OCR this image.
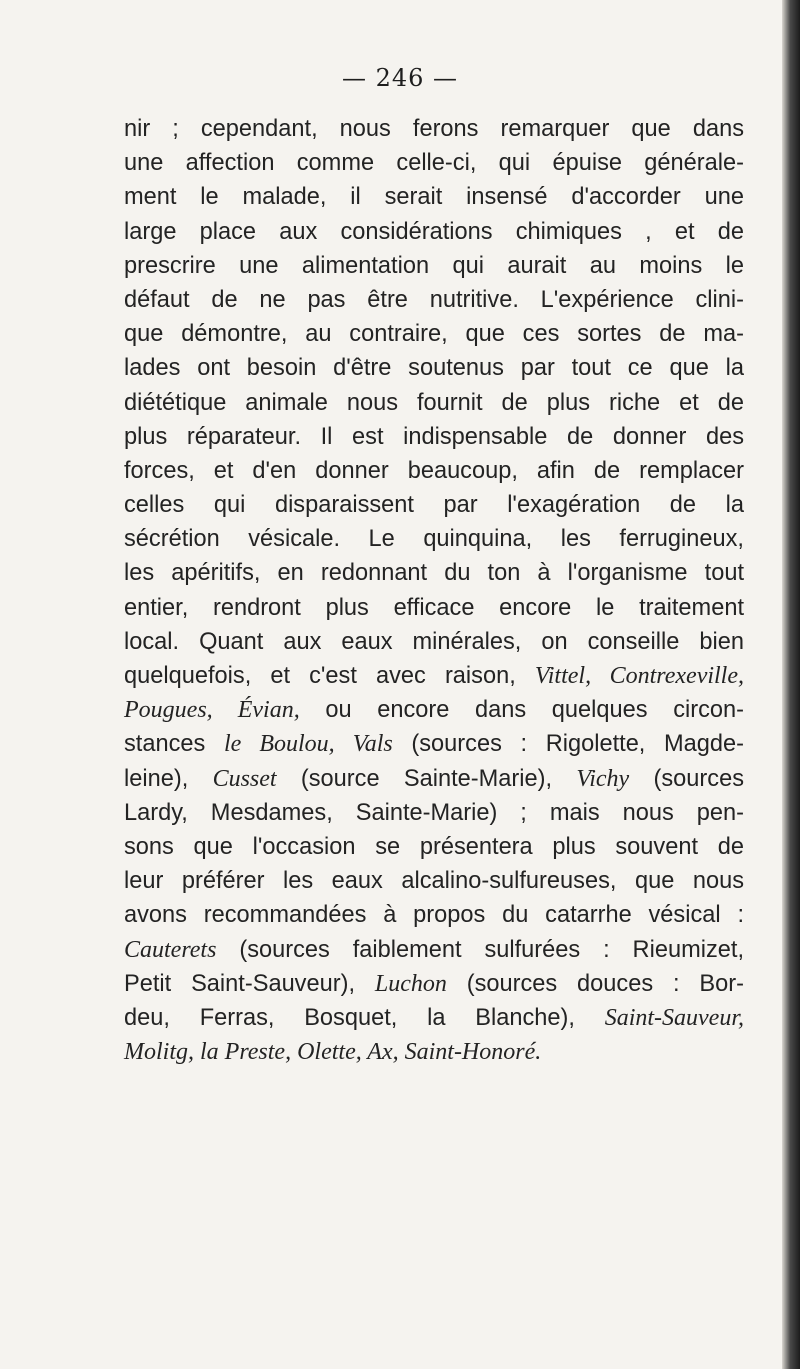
— 246 —
nir ; cependant, nous ferons remarquer que dans
une affection comme celle-ci, qui épuise générale-
ment le malade, il serait insensé d'accorder une
large place aux considérations chimiques , et de
prescrire une alimentation qui aurait au moins le
défaut de ne pas être nutritive. L'expérience clini-
que démontre, au contraire, que ces sortes de ma-
lades ont besoin d'être soutenus par tout ce que la
diététique animale nous fournit de plus riche et de
plus réparateur. Il est indispensable de donner des
forces, et d'en donner beaucoup, afin de remplacer
celles qui disparaissent par l'exagération de la
sécrétion vésicale. Le quinquina, les ferrugineux,
les apéritifs, en redonnant du ton à l'organisme tout
entier, rendront plus efficace encore le traitement
local. Quant aux eaux minérales, on conseille bien
quelquefois, et c'est avec raison, Vittel, Contrexeville,
Pougues, Évian, ou encore dans quelques circon-
stances le Boulou, Vals (sources : Rigolette, Magde-
leine), Cusset (source Sainte-Marie), Vichy (sources
Lardy, Mesdames, Sainte-Marie) ; mais nous pen-
sons que l'occasion se présentera plus souvent de
leur préférer les eaux alcalino-sulfureuses, que nous
avons recommandées à propos du catarrhe vésical :
Cauterets (sources faiblement sulfurées : Rieumizet,
Petit Saint-Sauveur), Luchon (sources douces : Bor-
deu, Ferras, Bosquet, la Blanche), Saint-Sauveur,
Molitg, la Preste, Olette, Ax, Saint-Honoré.
